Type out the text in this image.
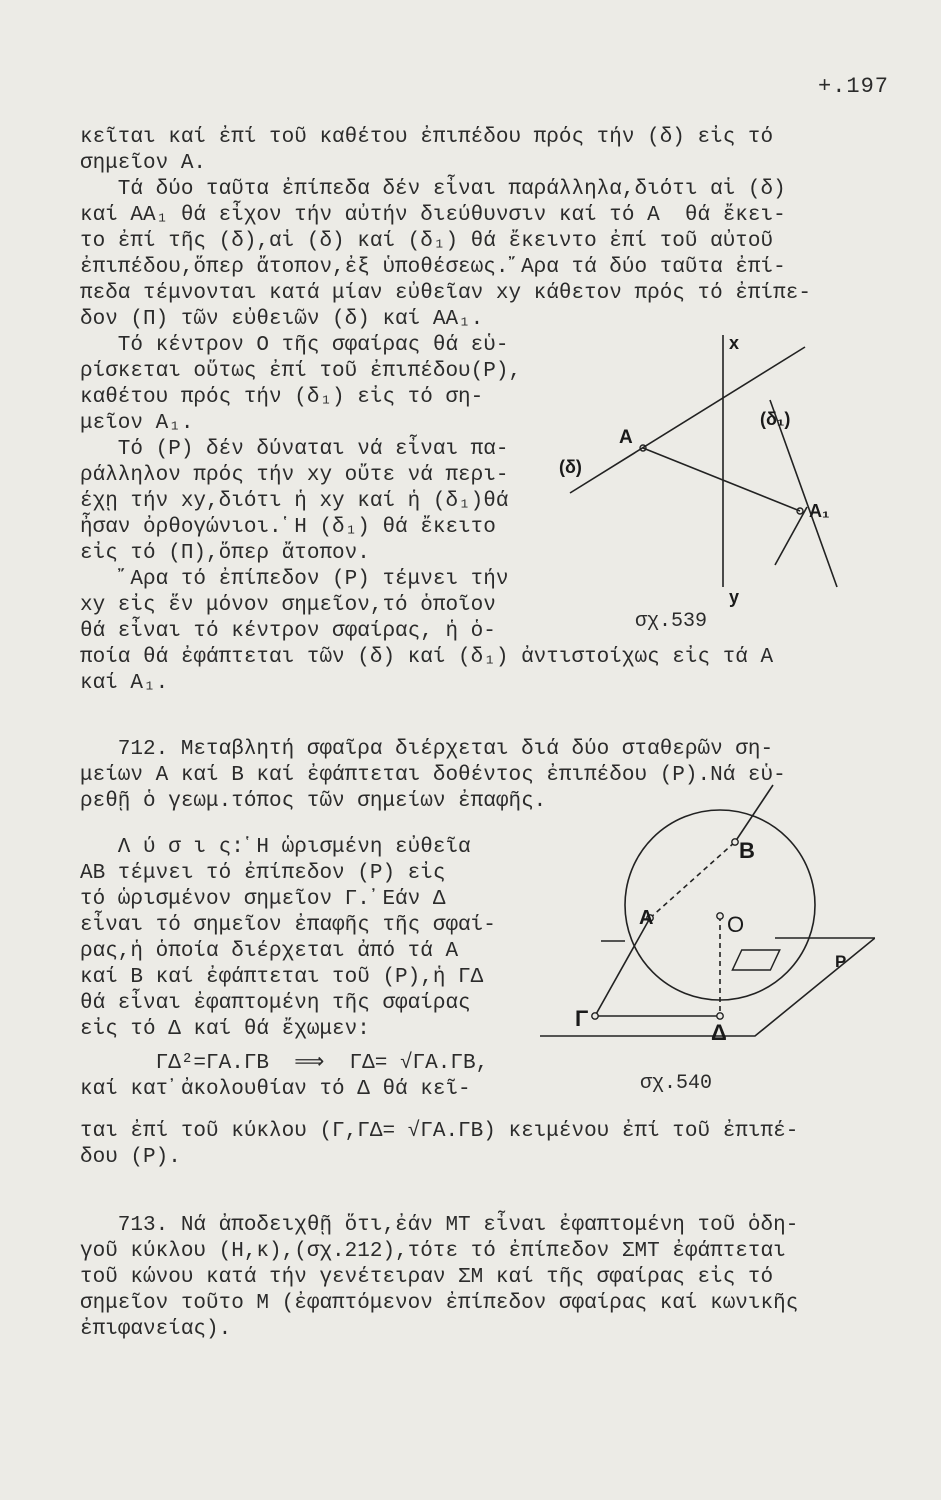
+.197
κεῖται καί ἐπί τοῦ καθέτου ἐπιπέδου πρός τήν (δ) εἰς τό
σημεῖον Α.
Τά δύο ταῦτα ἐπίπεδα δέν εἶναι παράλληλα,διότι αἱ (δ)
καί ΑΑ₁ θά εἶχον τήν αὐτήν διεύθυνσιν καί τό Α  θά ἔκει-
το ἐπί τῆς (δ),αἱ (δ) καί (δ₁) θά ἔκειντο ἐπί τοῦ αὐτοῦ
ἐπιπέδου,ὅπερ ἄτοπον,ἐξ ὑποθέσεως.῎Αρα τά δύο ταῦτα ἐπί-
πεδα τέμνονται κατά μίαν εὐθεῖαν xy κάθετον πρός τό ἐπίπε-
δον (Π) τῶν εὐθειῶν (δ) καί ΑΑ₁.
Τό κέντρον Ο τῆς σφαίρας θά εὑ-
ρίσκεται οὕτως ἐπί τοῦ ἐπιπέδου(Ρ),
καθέτου πρός τήν (δ₁) εἰς τό ση-
μεῖον Α₁.
Τό (Ρ) δέν δύναται νά εἶναι πα-
ράλληλον πρός τήν xy οὔτε νά περι-
έχῃ τήν xy,διότι ἡ xy καί ἡ (δ₁)θά
ἦσαν ὀρθογώνιοι.῾Η (δ₁) θά ἔκειτο
εἰς τό (Π),ὅπερ ἄτοπον.
῎Αρα τό ἐπίπεδον (Ρ) τέμνει τήν
xy εἰς ἕν μόνον σημεῖον,τό ὁποῖον
θά εἶναι τό κέντρον σφαίρας, ἡ ὁ-
ποία θά ἐφάπτεται τῶν (δ) καί (δ₁) ἀντιστοίχως εἰς τά Α
καί Α₁.
712. Μεταβλητή σφαῖρα διέρχεται διά δύο σταθερῶν ση-
μείων Α καί Β καί ἐφάπτεται δοθέντος ἐπιπέδου (Ρ).Νά εὑ-
ρεθῇ ὁ γεωμ.τόπος τῶν σημείων ἐπαφῆς.
Λ ύ σ ι ς:῾Η ὡρισμένη εὐθεῖα
ΑΒ τέμνει τό ἐπίπεδον (Ρ) εἰς
τό ὡρισμένον σημεῖον Γ.᾿Εάν Δ
εἶναι τό σημεῖον ἐπαφῆς τῆς σφαί-
ρας,ἡ ὁποία διέρχεται ἀπό τά Α
καί Β καί ἐφάπτεται τοῦ (Ρ),ἡ ΓΔ
θά εἶναι ἐφαπτομένη τῆς σφαίρας
εἰς τό Δ καί θά ἔχωμεν:
ΓΔ²=ΓΑ.ΓΒ  ⟹  ΓΔ= √ΓΑ.ΓΒ,
καί κατ᾿ἀκολουθίαν τό Δ θά κεῖ-
ται ἐπί τοῦ κύκλου (Γ,ΓΔ= √ΓΑ.ΓΒ) κειμένου ἐπί τοῦ ἐπιπέ-
δου (Ρ).
713. Νά ἀποδειχθῇ ὅτι,ἐάν ΜΤ εἶναι ἐφαπτομένη τοῦ ὁδη-
γοῦ κύκλου (Η,κ),(σχ.212),τότε τό ἐπίπεδον ΣΜΤ ἐφάπτεται
τοῦ κώνου κατά τήν γενέτειραν ΣΜ καί τῆς σφαίρας εἰς τό
σημεῖον τοῦτο Μ (ἐφαπτόμενον ἐπίπεδον σφαίρας καί κωνικῆς
ἐπιφανείας).
x
y
A
A₁
(δ)
(δ₁)
σχ.539
B
A	O
Γ
Δ
P
σχ.540
